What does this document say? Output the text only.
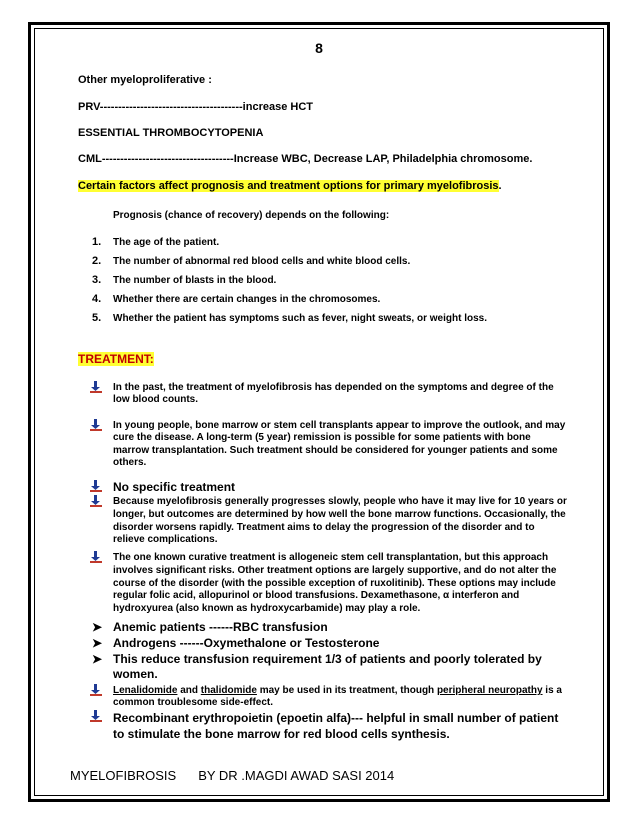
8
Other myeloproliferative :
PRV---------------------------------------increase HCT
ESSENTIAL THROMBOCYTOPENIA
CML------------------------------------Increase WBC, Decrease LAP, Philadelphia chromosome.
Certain factors affect prognosis and treatment options for primary myelofibrosis.
Prognosis (chance of recovery) depends on the following:
1. The age of the patient.
2. The number of abnormal red blood cells and white blood cells.
3. The number of blasts in the blood.
4. Whether there are certain changes in the chromosomes.
5. Whether the patient has symptoms such as fever, night sweats, or weight loss.
TREATMENT:
In the past, the treatment of myelofibrosis has depended on the symptoms and degree of the low blood counts.
In young people, bone marrow or stem cell transplants appear to improve the outlook, and may cure the disease. A long-term (5 year) remission is possible for some patients with bone marrow transplantation. Such treatment should be considered for younger patients and some others.
No specific treatment
Because myelofibrosis generally progresses slowly, people who have it may live for 10 years or longer, but outcomes are determined by how well the bone marrow functions. Occasionally, the disorder worsens rapidly. Treatment aims to delay the progression of the disorder and to relieve complications.
The one known curative treatment is allogeneic stem cell transplantation, but this approach involves significant risks. Other treatment options are largely supportive, and do not alter the course of the disorder (with the possible exception of ruxolitinib). These options may include regular folic acid, allopurinol or blood transfusions. Dexamethasone, α interferon and hydroxyurea (also known as hydroxycarbamide) may play a role.
➤ Anemic patients ------RBC transfusion
➤ Androgens ------Oxymethalone or Testosterone
➤ This reduce transfusion requirement 1/3 of patients and poorly tolerated by women.
Lenalidomide and thalidomide may be used in its treatment, though peripheral neuropathy is a common troublesome side-effect.
Recombinant erythropoietin (epoetin alfa)--- helpful in small number of patient to stimulate the bone marrow for red blood cells synthesis.
MYELOFIBROSIS BY DR .MAGDI AWAD SASI 2014
